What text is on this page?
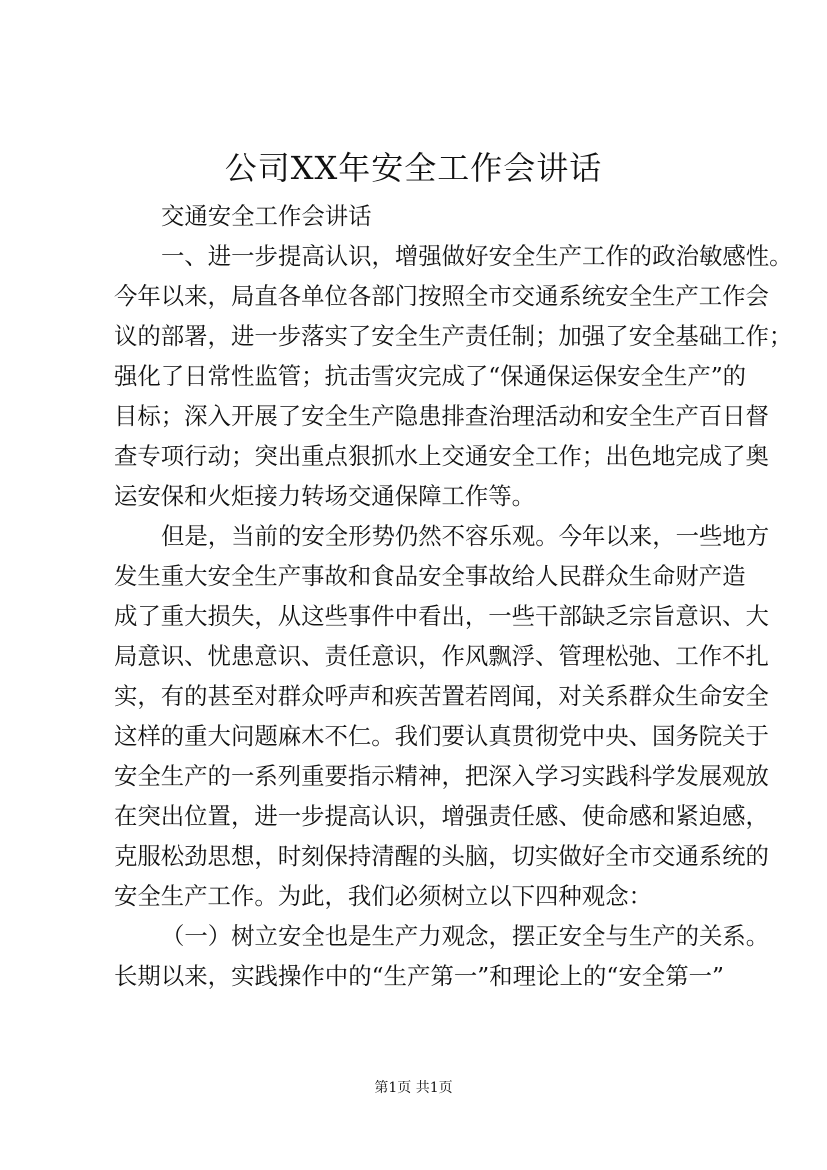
公司XX年安全工作会讲话
交通安全工作会讲话
一、进一步提高认识，增强做好安全生产工作的政治敏感性。
今年以来，局直各单位各部门按照全市交通系统安全生产工作会
议的部署，进一步落实了安全生产责任制；加强了安全基础工作；
强化了日常性监管；抗击雪灾完成了“保通保运保安全生产”的
目标；深入开展了安全生产隐患排查治理活动和安全生产百日督
查专项行动；突出重点狠抓水上交通安全工作；出色地完成了奥
运安保和火炬接力转场交通保障工作等。
但是，当前的安全形势仍然不容乐观。今年以来，一些地方
发生重大安全生产事故和食品安全事故给人民群众生命财产造
成了重大损失，从这些事件中看出，一些干部缺乏宗旨意识、大
局意识、忧患意识、责任意识，作风飘浮、管理松弛、工作不扎
实，有的甚至对群众呼声和疾苦置若罔闻，对关系群众生命安全
这样的重大问题麻木不仁。我们要认真贯彻党中央、国务院关于
安全生产的一系列重要指示精神，把深入学习实践科学发展观放
在突出位置，进一步提高认识，增强责任感、使命感和紧迫感，
克服松劲思想，时刻保持清醒的头脑，切实做好全市交通系统的
安全生产工作。为此，我们必须树立以下四种观念：
（一）树立安全也是生产力观念，摆正安全与生产的关系。
长期以来，实践操作中的“生产第一”和理论上的“安全第一”
第1页 共1页
